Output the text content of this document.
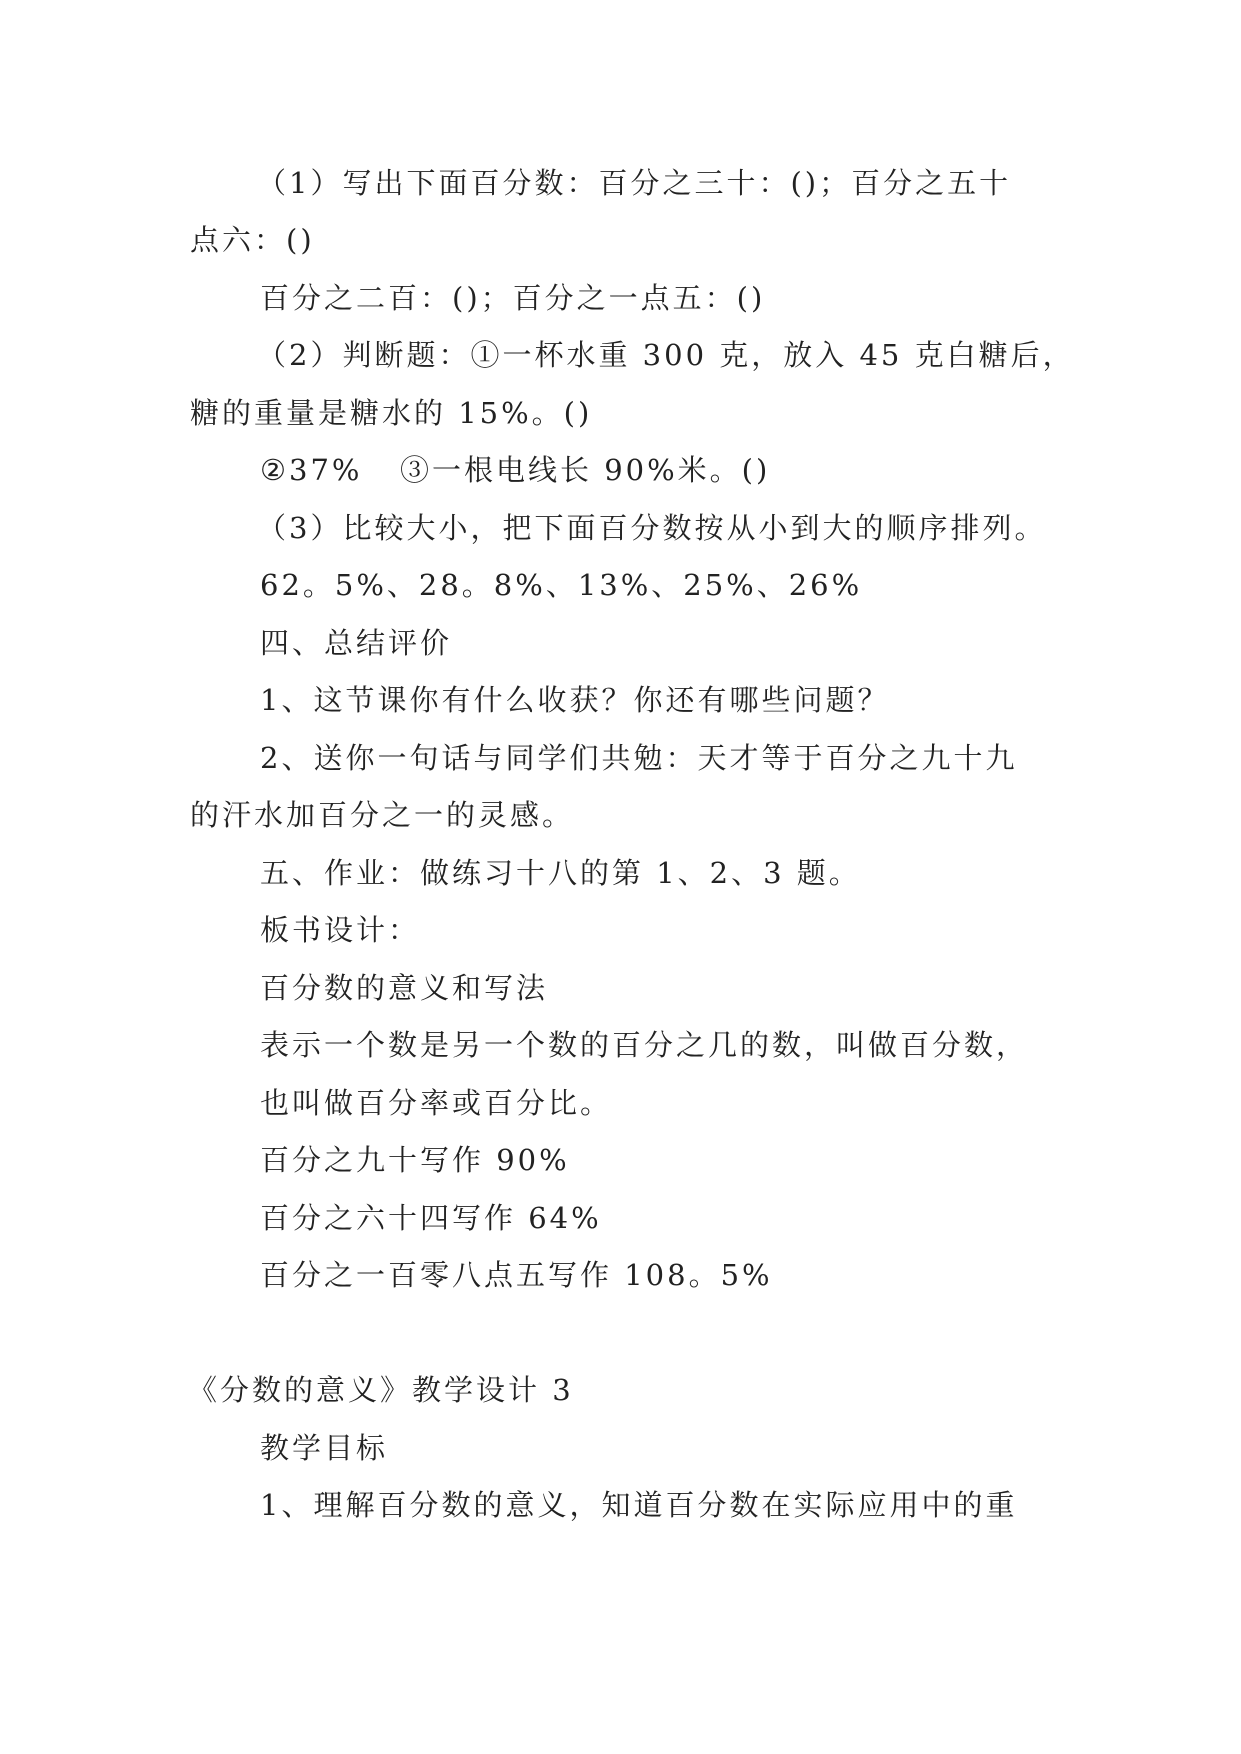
（1）写出下面百分数：百分之三十：()；百分之五十
点六：()
百分之二百：()；百分之一点五：()
（2）判断题：①一杯水重 300 克，放入 45 克白糖后，
糖的重量是糖水的 15%。()
②37% ③一根电线长 90%米。()
（3）比较大小，把下面百分数按从小到大的顺序排列。
62。5%、28。8%、13%、25%、26%
四、总结评价
1、这节课你有什么收获？你还有哪些问题？
2、送你一句话与同学们共勉：天才等于百分之九十九
的汗水加百分之一的灵感。
五、作业：做练习十八的第 1、2、3 题。
板书设计：
百分数的意义和写法
表示一个数是另一个数的百分之几的数，叫做百分数，
也叫做百分率或百分比。
百分之九十写作 90%
百分之六十四写作 64%
百分之一百零八点五写作 108。5%
《分数的意义》教学设计 3
教学目标
1、理解百分数的意义，知道百分数在实际应用中的重
